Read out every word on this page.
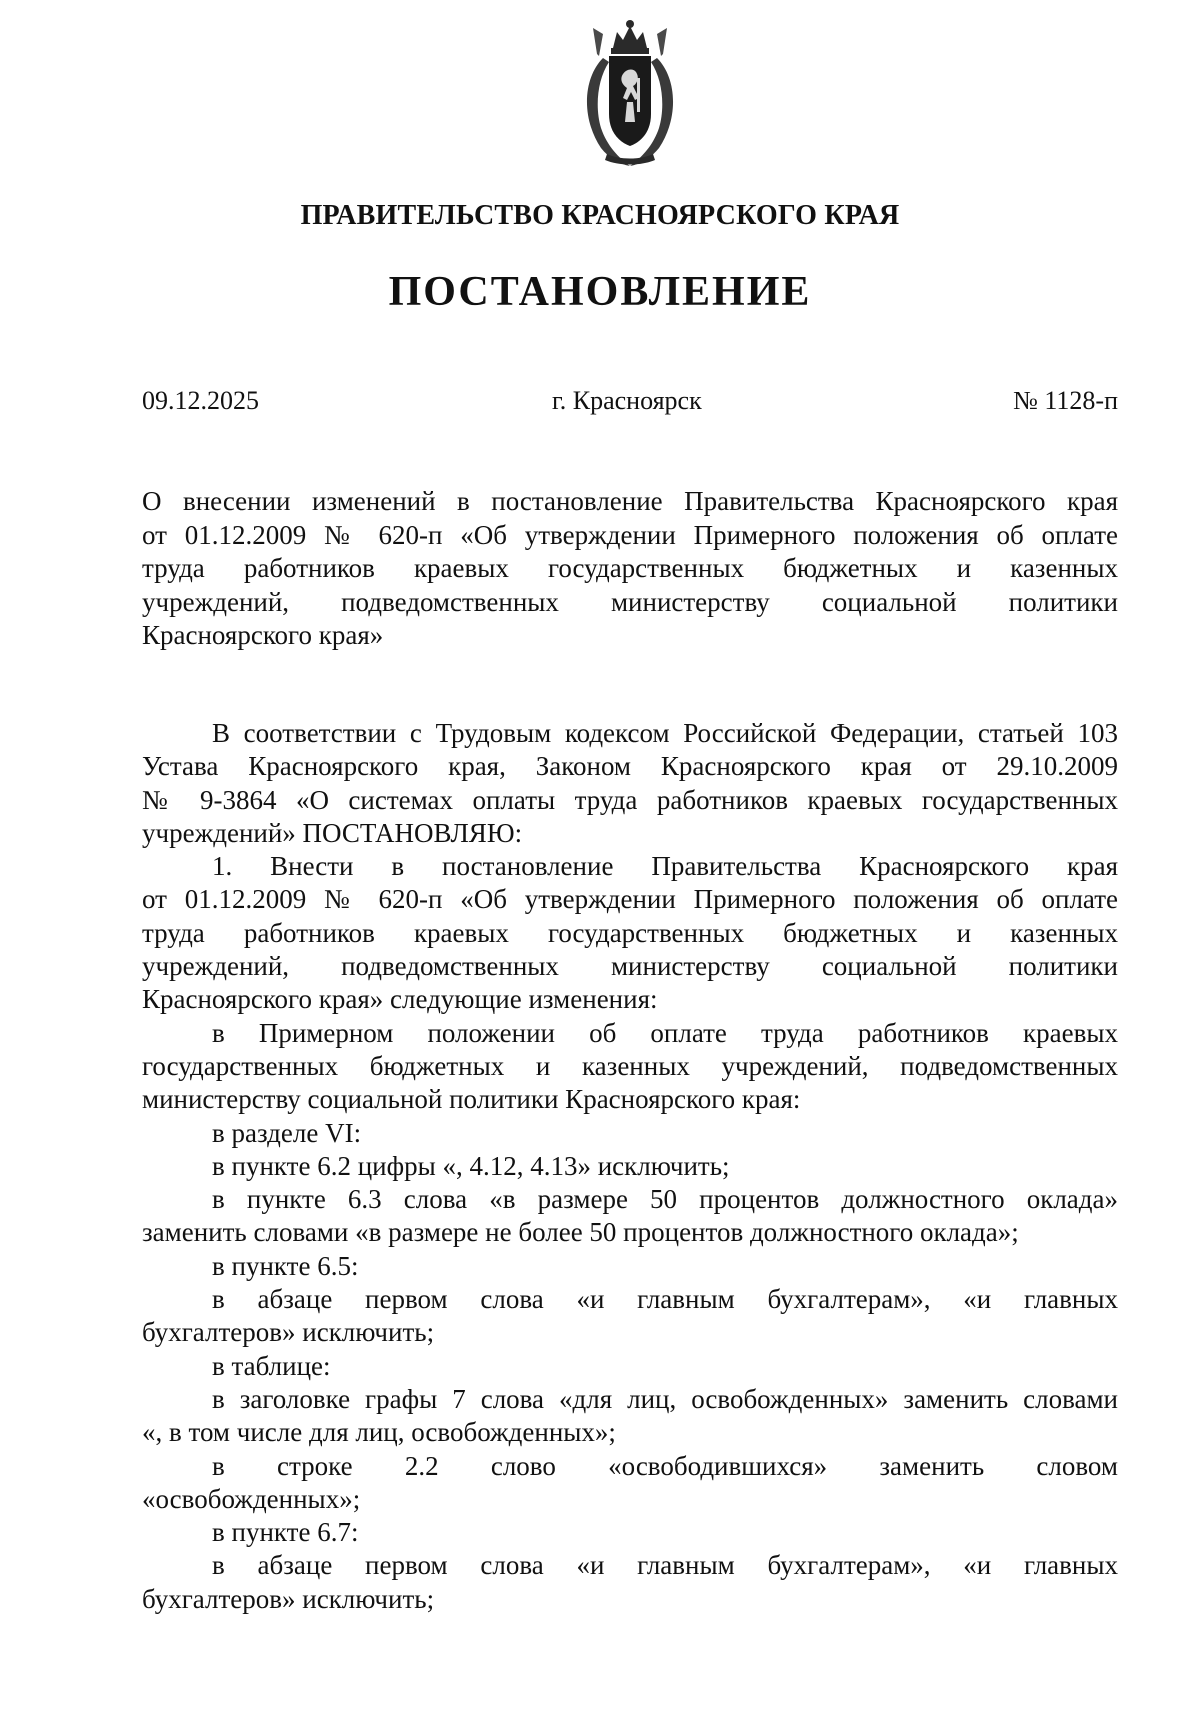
ПРАВИТЕЛЬСТВО КРАСНОЯРСКОГО КРАЯ
ПОСТАНОВЛЕНИЕ
09.12.2025	г. Красноярск	№ 1128-п
О внесении изменений в постановление Правительства Красноярского края
от 01.12.2009 № 620-п «Об утверждении Примерного положения об оплате
труда работников краевых государственных бюджетных и казенных
учреждений, подведомственных министерству социальной политики
Красноярского края»

В соответствии с Трудовым кодексом Российской Федерации, статьей 103
Устава Красноярского края, Законом Красноярского края от 29.10.2009
№ 9-3864 «О системах оплаты труда работников краевых государственных
учреждений» ПОСТАНОВЛЯЮ:

1. Внести в постановление Правительства Красноярского края
от 01.12.2009 № 620-п «Об утверждении Примерного положения об оплате
труда работников краевых государственных бюджетных и казенных
учреждений, подведомственных министерству социальной политики
Красноярского края» следующие изменения:

в Примерном положении об оплате труда работников краевых
государственных бюджетных и казенных учреждений, подведомственных
министерству социальной политики Красноярского края:

в разделе VI:

в пункте 6.2 цифры «, 4.12, 4.13» исключить;

в пункте 6.3 слова «в размере 50 процентов должностного оклада»
заменить словами «в размере не более 50 процентов должностного оклада»;

в пункте 6.5:

в абзаце первом слова «и главным бухгалтерам», «и главных
бухгалтеров» исключить;

в таблице:

в заголовке графы 7 слова «для лиц, освобожденных» заменить словами
«, в том числе для лиц, освобожденных»;

в строке 2.2 слово «освободившихся» заменить словом
«освобожденных»;

в пункте 6.7:

в абзаце первом слова «и главным бухгалтерам», «и главных
бухгалтеров» исключить;
